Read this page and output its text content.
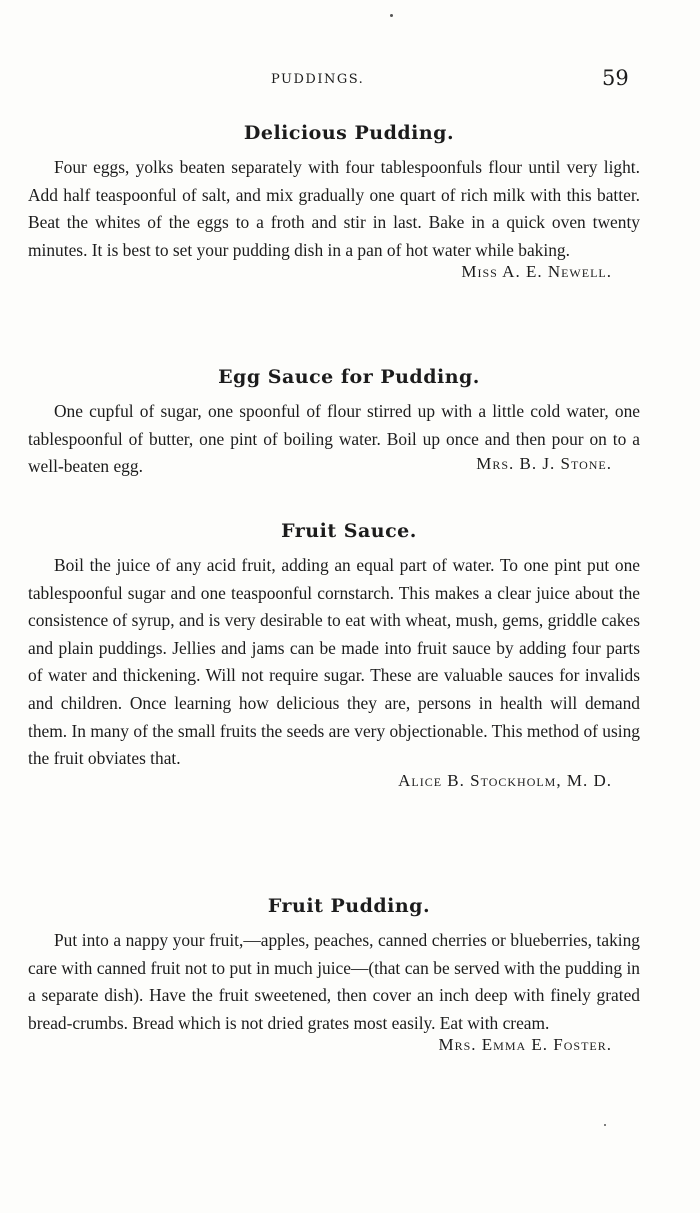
PUDDINGS.	59
Delicious Pudding.

Four eggs, yolks beaten separately with four tablespoonfuls flour until very light. Add half teaspoonful of salt, and mix gradually one quart of rich milk with this batter. Beat the whites of the eggs to a froth and stir in last. Bake in a quick oven twenty minutes. It is best to set your pudding dish in a pan of hot water while baking.

Miss A. E. Newell.
Egg Sauce for Pudding.

One cupful of sugar, one spoonful of flour stirred up with a little cold water, one tablespoonful of butter, one pint of boiling water. Boil up once and then pour on to a well-beaten egg.	Mrs. B. J. Stone.
Fruit Sauce.

Boil the juice of any acid fruit, adding an equal part of water. To one pint put one tablespoonful sugar and one teaspoonful cornstarch. This makes a clear juice about the consistence of syrup, and is very desirable to eat with wheat, mush, gems, griddle cakes and plain puddings. Jellies and jams can be made into fruit sauce by adding four parts of water and thickening. Will not require sugar. These are valuable sauces for invalids and children. Once learning how delicious they are, persons in health will demand them. In many of the small fruits the seeds are very objectionable. This method of using the fruit obviates that.

Alice B. Stockholm, M. D.
Fruit Pudding.

Put into a nappy your fruit,—apples, peaches, canned cherries or blueberries, taking care with canned fruit not to put in much juice—(that can be served with the pudding in a separate dish). Have the fruit sweetened, then cover an inch deep with finely grated bread-crumbs. Bread which is not dried grates most easily. Eat with cream.

Mrs. Emma E. Foster.
